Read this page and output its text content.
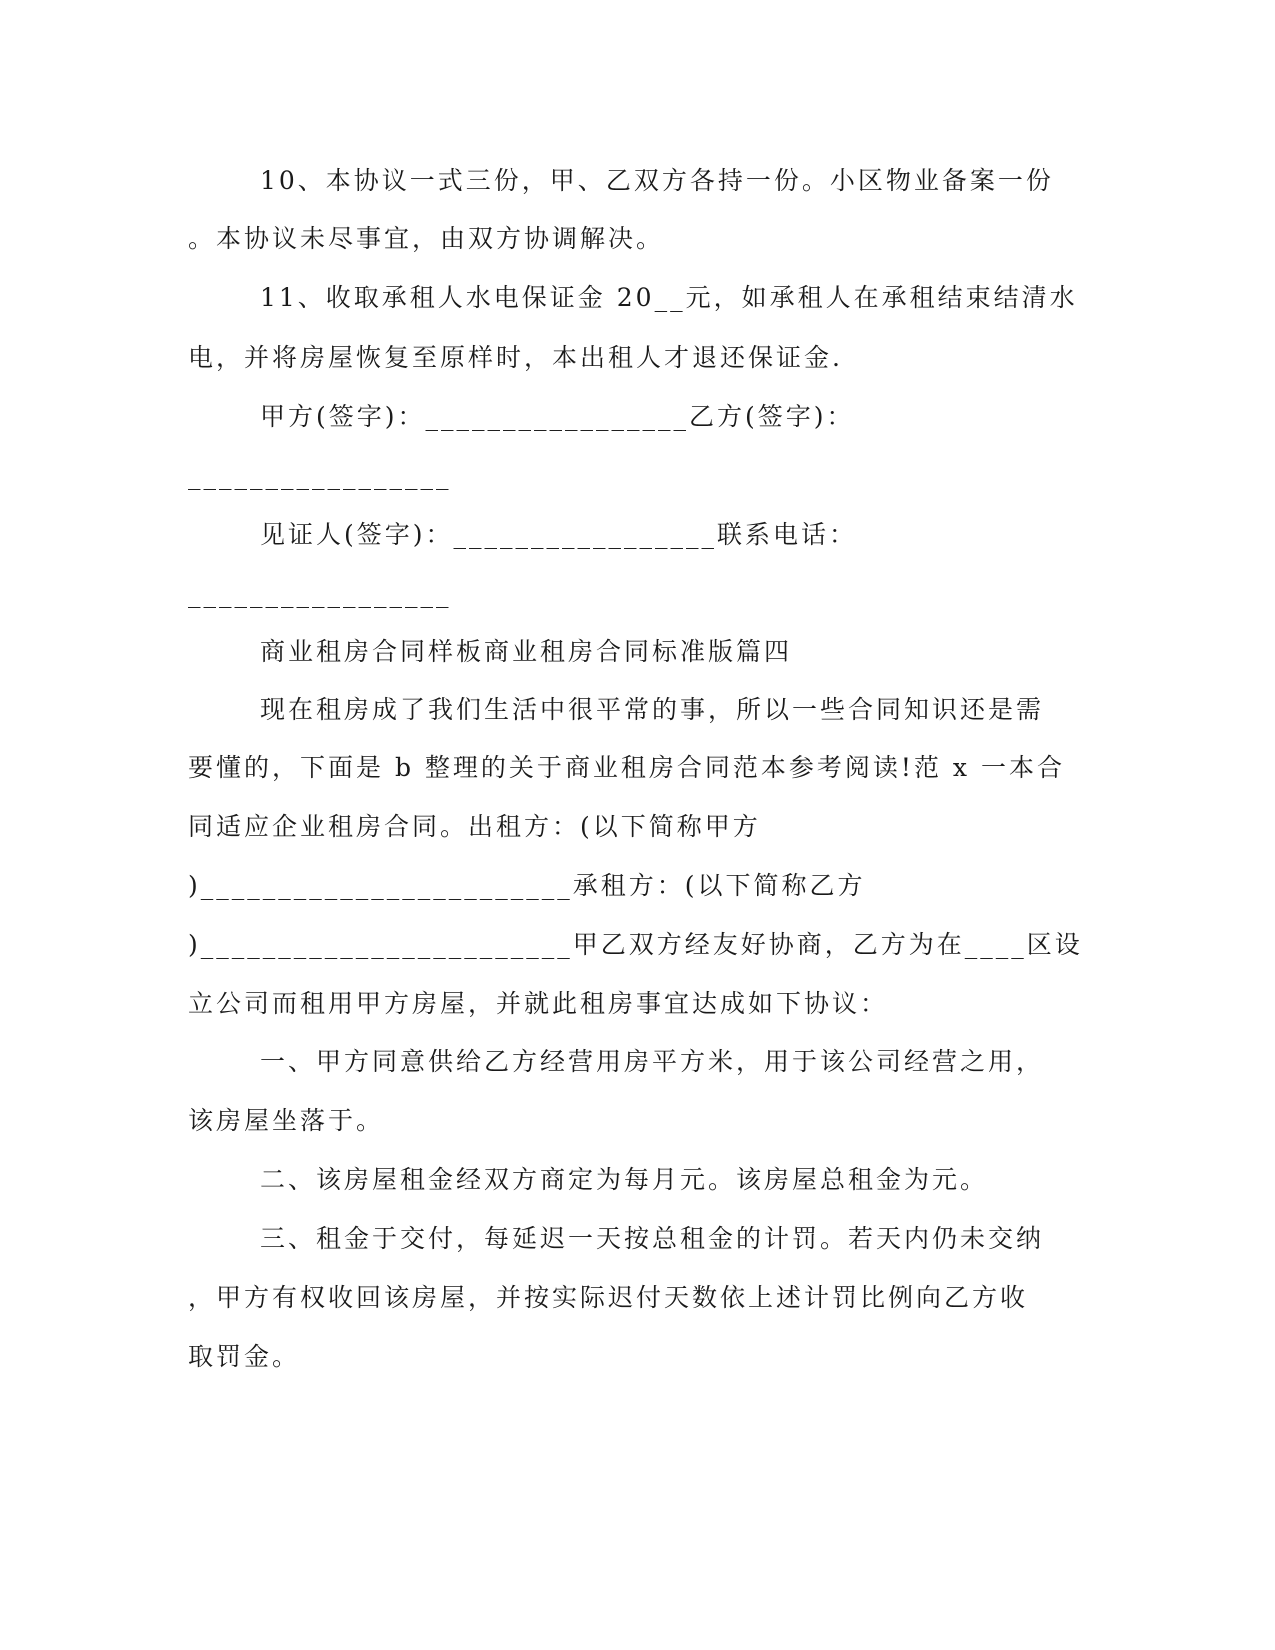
10、本协议一式三份，甲、乙双方各持一份。小区物业备案一份
。本协议未尽事宜，由双方协调解决。
11、收取承租人水电保证金 20__元，如承租人在承租结束结清水
电，并将房屋恢复至原样时，本出租人才退还保证金.
甲方(签字)：_________________乙方(签字)：
_________________
见证人(签字)：_________________联系电话：
_________________
商业租房合同样板商业租房合同标准版篇四
现在租房成了我们生活中很平常的事，所以一些合同知识还是需
要懂的，下面是 b 整理的关于商业租房合同范本参考阅读!范 x 一本合
同适应企业租房合同。出租方：(以下简称甲方
)________________________承租方：(以下简称乙方
)________________________甲乙双方经友好协商，乙方为在____区设
立公司而租用甲方房屋，并就此租房事宜达成如下协议：
一、甲方同意供给乙方经营用房平方米，用于该公司经营之用，
该房屋坐落于。
二、该房屋租金经双方商定为每月元。该房屋总租金为元。
三、租金于交付，每延迟一天按总租金的计罚。若天内仍未交纳
，甲方有权收回该房屋，并按实际迟付天数依上述计罚比例向乙方收
取罚金。
